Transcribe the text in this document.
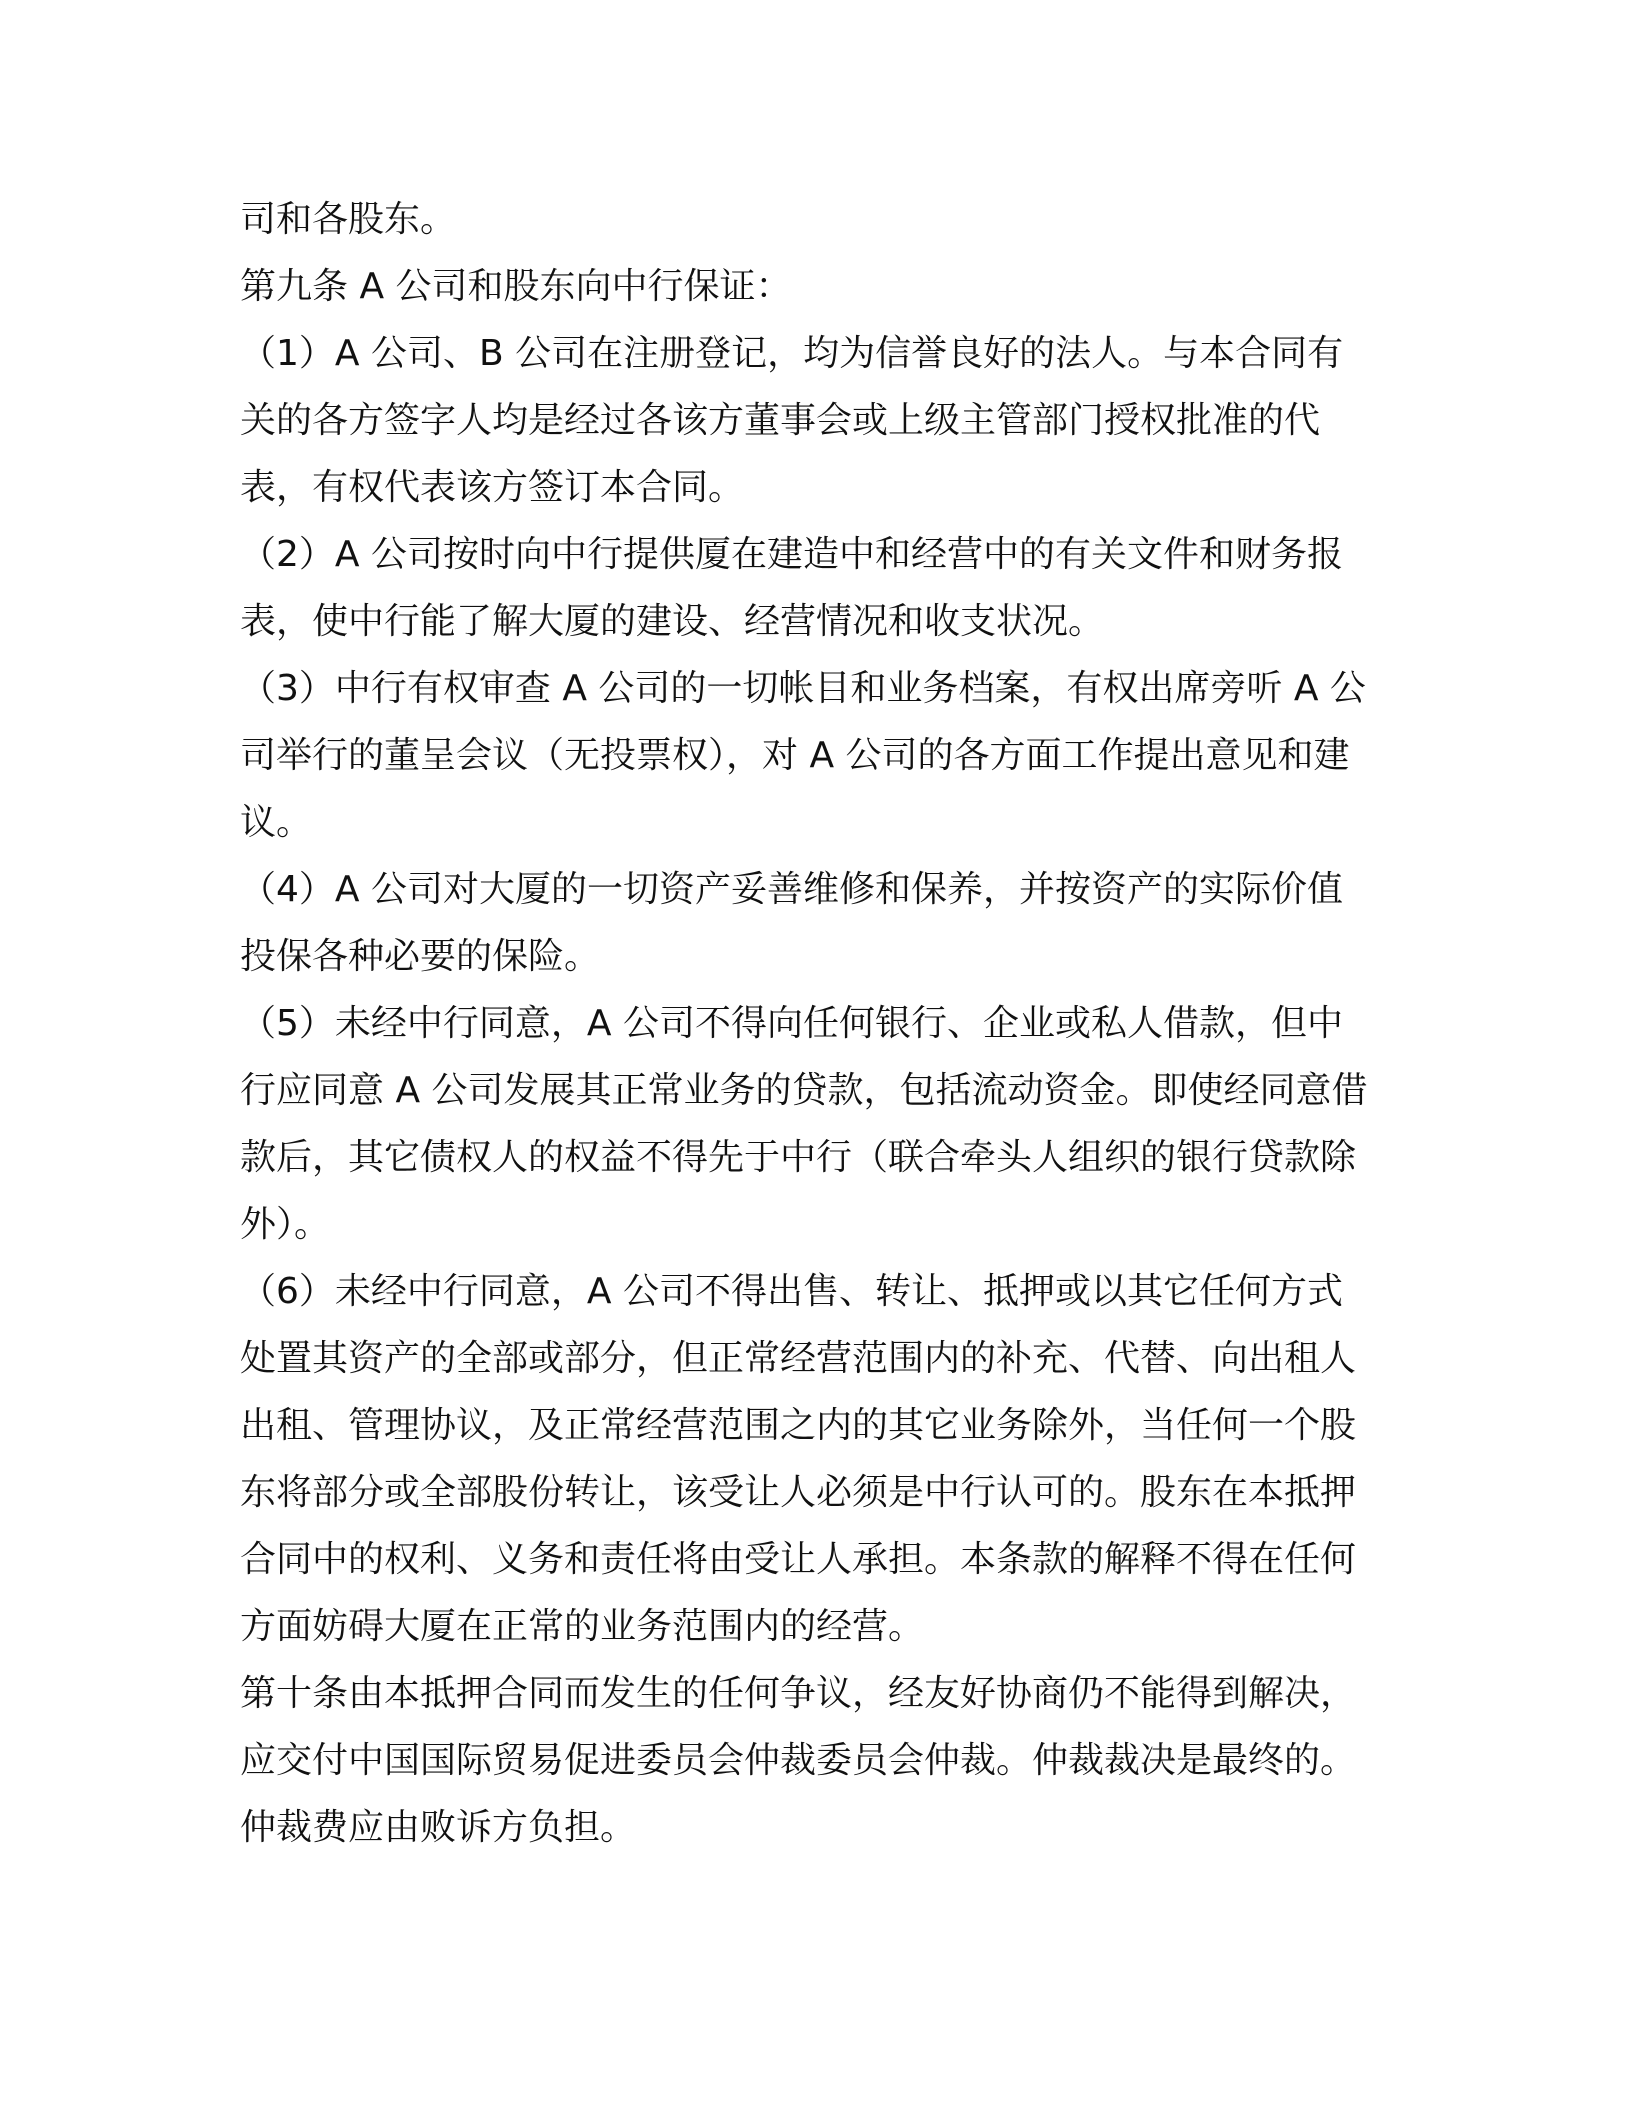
司和各股东。
第九条 A 公司和股东向中行保证：
（1）A 公司、B 公司在注册登记，均为信誉良好的法人。与本合同有
关的各方签字人均是经过各该方董事会或上级主管部门授权批准的代
表，有权代表该方签订本合同。
（2）A 公司按时向中行提供厦在建造中和经营中的有关文件和财务报
表，使中行能了解大厦的建设、经营情况和收支状况。
（3）中行有权审查 A 公司的一切帐目和业务档案，有权出席旁听 A 公
司举行的董呈会议（无投票权），对 A 公司的各方面工作提出意见和建
议。
（4）A 公司对大厦的一切资产妥善维修和保养，并按资产的实际价值
投保各种必要的保险。
（5）未经中行同意，A 公司不得向任何银行、企业或私人借款，但中
行应同意 A 公司发展其正常业务的贷款，包括流动资金。即使经同意借
款后，其它债权人的权益不得先于中行（联合牵头人组织的银行贷款除
外）。
（6）未经中行同意，A 公司不得出售、转让、抵押或以其它任何方式
处置其资产的全部或部分，但正常经营范围内的补充、代替、向出租人
出租、管理协议，及正常经营范围之内的其它业务除外，当任何一个股
东将部分或全部股份转让，该受让人必须是中行认可的。股东在本抵押
合同中的权利、义务和责任将由受让人承担。本条款的解释不得在任何
方面妨碍大厦在正常的业务范围内的经营。
第十条由本抵押合同而发生的任何争议，经友好协商仍不能得到解决，
应交付中国国际贸易促进委员会仲裁委员会仲裁。仲裁裁决是最终的。
仲裁费应由败诉方负担。
